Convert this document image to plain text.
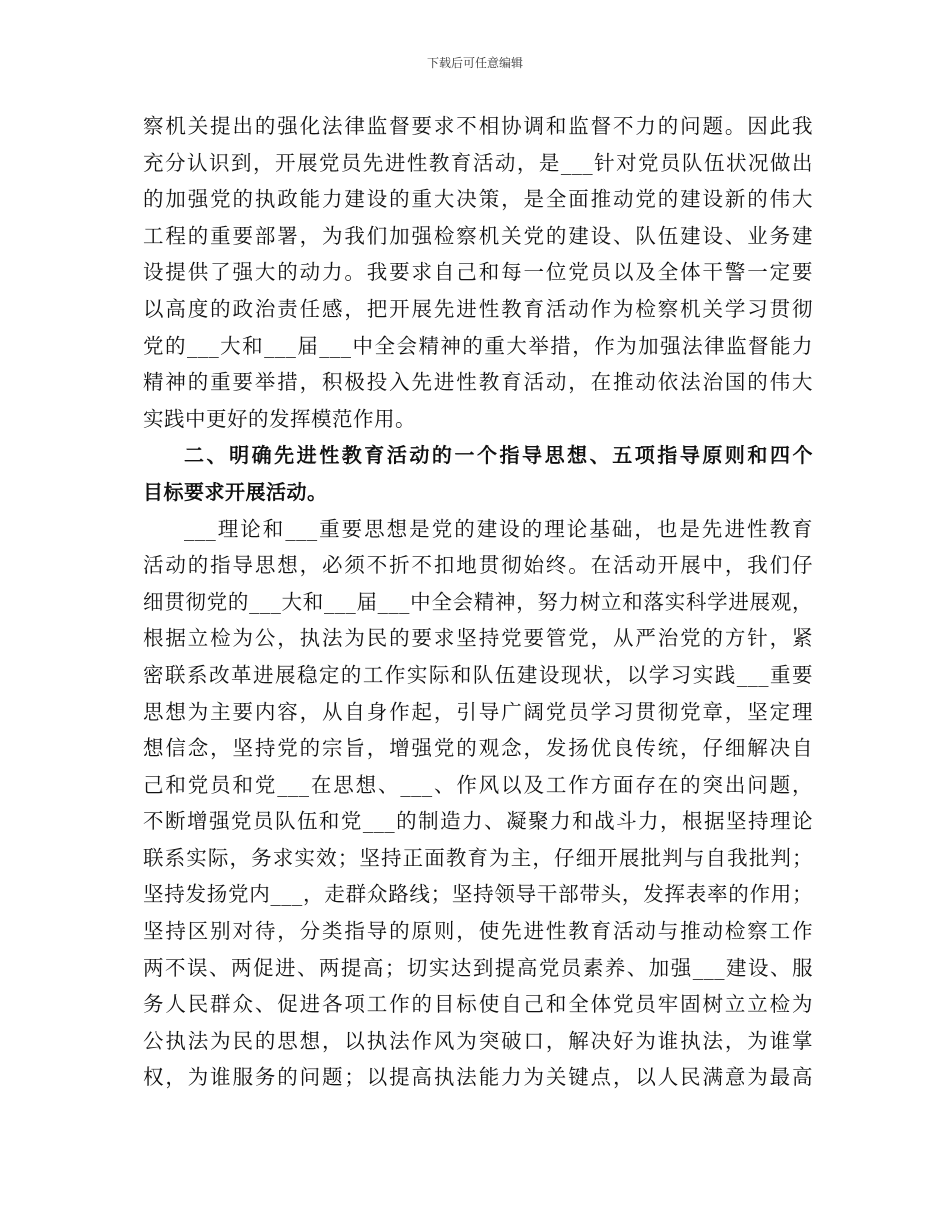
下载后可任意编辑
察机关提出的强化法律监督要求不相协调和监督不力的问题。因此我
充分认识到，开展党员先进性教育活动，是___针对党员队伍状况做出
的加强党的执政能力建设的重大决策，是全面推动党的建设新的伟大
工程的重要部署，为我们加强检察机关党的建设、队伍建设、业务建
设提供了强大的动力。我要求自己和每一位党员以及全体干警一定要
以高度的政治责任感，把开展先进性教育活动作为检察机关学习贯彻
党的___大和___届___中全会精神的重大举措，作为加强法律监督能力
精神的重要举措，积极投入先进性教育活动，在推动依法治国的伟大
实践中更好的发挥模范作用。
二、明确先进性教育活动的一个指导思想、五项指导原则和四个
目标要求开展活动。
___理论和___重要思想是党的建设的理论基础，也是先进性教育
活动的指导思想，必须不折不扣地贯彻始终。在活动开展中，我们仔
细贯彻党的___大和___届___中全会精神，努力树立和落实科学进展观，
根据立检为公，执法为民的要求坚持党要管党，从严治党的方针，紧
密联系改革进展稳定的工作实际和队伍建设现状，以学习实践___重要
思想为主要内容，从自身作起，引导广阔党员学习贯彻党章，坚定理
想信念，坚持党的宗旨，增强党的观念，发扬优良传统，仔细解决自
己和党员和党___在思想、___、作风以及工作方面存在的突出问题，
不断增强党员队伍和党___的制造力、凝聚力和战斗力，根据坚持理论
联系实际，务求实效；坚持正面教育为主，仔细开展批判与自我批判；
坚持发扬党内___，走群众路线；坚持领导干部带头，发挥表率的作用；
坚持区别对待，分类指导的原则，使先进性教育活动与推动检察工作
两不误、两促进、两提高；切实达到提高党员素养、加强___建设、服
务人民群众、促进各项工作的目标使自己和全体党员牢固树立立检为
公执法为民的思想，以执法作风为突破口，解决好为谁执法，为谁掌
权，为谁服务的问题；以提高执法能力为关键点，以人民满意为最高
